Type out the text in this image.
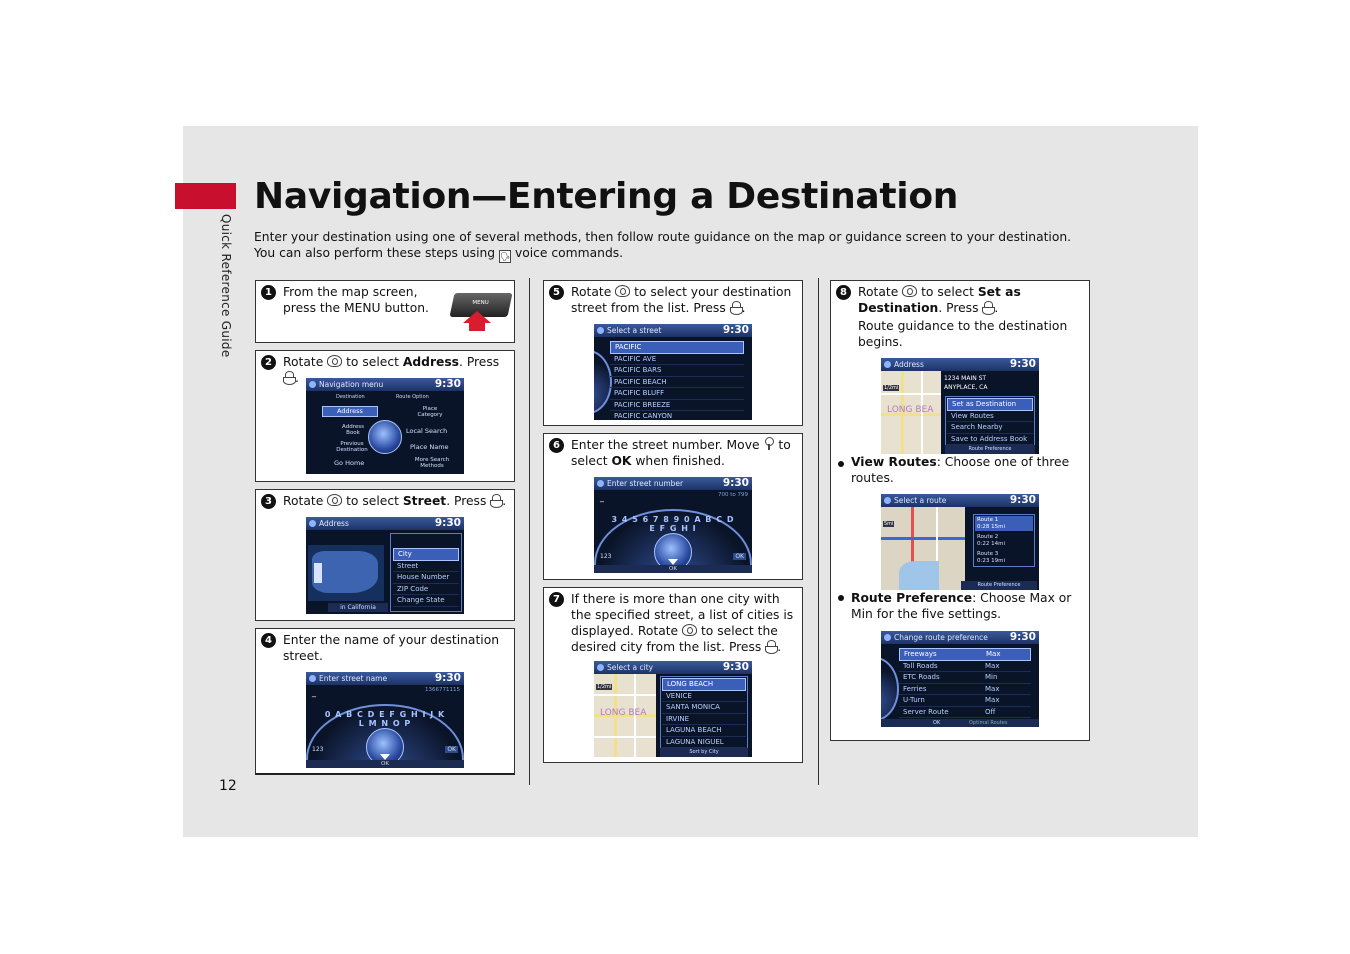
Quick Reference Guide
12
Navigation—Entering a Destination
Enter your destination using one of several methods, then follow route guidance on the map or guidance screen to your destination. You can also perform these steps using 🗣 voice commands.
1 From the map screen, press the MENU button.	MENU
2 Rotate to select Address. Press .	Navigation menu	9:30
Destination	Route Option
Address	Place Category
Address Book	Local Search
Previous Destination	Place Name
Go Home	More Search Methods
3 Rotate to select Street. Press .
Address	9:30
in California
City
Street
House Number
ZIP Code
Change State
4 Enter the name of your destination street.
Enter street name	9:30
1366771115
_
0 A B C D E F G H I J K L M N O P
123	OK
OK
5 Rotate to select your destination street from the list. Press .
Select a street	9:30
PACIFIC
PACIFIC AVE
PACIFIC BARS
PACIFIC BEACH
PACIFIC BLUFF
PACIFIC BREEZE
PACIFIC CANYON
6 Enter the street number. Move to select OK when finished.
Enter street number	9:30
700 to 799
_
3 4 5 6 7 8 9 0 A B C D E F G H I
123	OK
OK
7 If there is more than one city with the specified street, a list of cities is displayed. Rotate to select the desired city from the list. Press .
Select a city	9:30
LONG BEA
1/2mi	LONG BEACH
VENICE
SANTA MONICA
IRVINE
LAGUNA BEACH
LAGUNA NIGUEL
Sort by City
8 Rotate to select Set as Destination. Press .
Route guidance to the destination begins.
Address	9:30
LONG BEA
1/2mi
1234 MAIN ST
ANYPLACE, CA
Set as Destination
View Routes
Search Nearby
Save to Address Book
Route Preference
View Routes: Choose one of three routes.
Select a route	9:30
5mi
Route 1
0:28 15mi
Route 2
0:22 14mi
Route 3
0:23 19mi
Route Preference
Route Preference: Choose Max or Min for the five settings.
Change route preference 9:30
Freeways	Max
Toll Roads	Max
ETC Roads	Min
Ferries	Max
U-Turn	Max
Server Route	Off
OK	Optimal Routes
